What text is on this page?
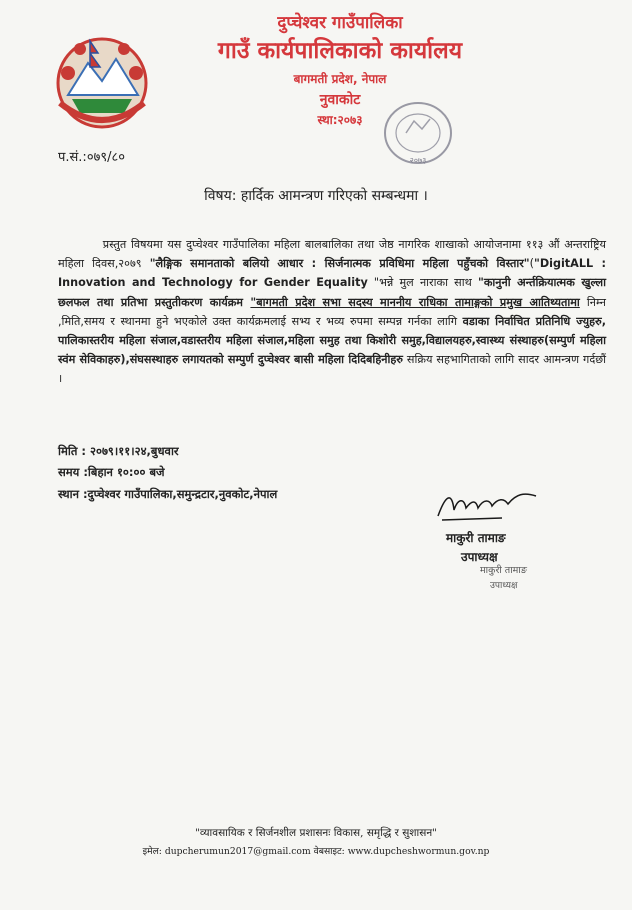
दुप्चेश्वर गाउँपालिका
गाउँ कार्यपालिकाको कार्यालय
बागमती प्रदेश, नेपाल
नुवाकोट
स्था:२०७३
२०७३
प.सं.:०७९/८०
विषय: हार्दिक आमन्त्रण गरिएको सम्बन्धमा ।
    प्रस्तुत विषयमा यस दुप्चेश्वर गाउँपालिका महिला बालबालिका तथा जेष्ठ नागरिक शाखाको आयोजनामा ११३ औं अन्तराष्ट्रिय महिला दिवस,२०७९ "लैङ्गिक समानताको बलियो आधार : सिर्जनात्मक प्रविधिमा महिला पहुँचको विस्तार"("DigitALL : Innovation and Technology for Gender Equality "भन्ने मुल नाराका साथ "कानुनी अर्न्तक्रियात्मक खुल्ला छलफल तथा प्रतिभा प्रस्तुतीकरण कार्यक्रम "बागमती प्रदेश सभा सदस्य माननीय राधिका तामाङ्गको प्रमुख आतिथ्यतामा निम्न ,मिति,समय र स्थानमा हुने भएकोले उक्त कार्यक्रमलाई सभ्य र भव्य रुपमा सम्पन्न गर्नका लागि वडाका निर्वाचित प्रतिनिधि ज्युहरु, पालिकास्तरीय महिला संजाल,वडास्तरीय महिला संजाल,महिला समुह तथा किशोरी समुह,विद्यालयहरु,स्वास्थ्य संस्थाहरु(सम्पुर्ण महिला स्वंम सेविकाहरु),संघसस्थाहरु लगायतको सम्पुर्ण दुप्चेश्वर बासी महिला दिदिबहिनीहरु सक्रिय सहभागिताको लागि सादर आमन्त्रण गर्दछौं ।
मिति : २०७९।११।२४,बुधवार
समय :बिहान १०:०० बजे
स्थान :दुप्चेश्वर गाउँपालिका,समुन्द्रटार,नुवकोट,नेपाल
माकुरी तामाङ
उपाध्यक्ष
माकुरी तामाङ
उपाध्यक्ष
"व्यावसायिक र सिर्जनशील प्रशासनः विकास, समृद्धि र सुशासन"
इमेल: dupcherumun2017@gmail.com वेबसाइट: www.dupcheshwormun.gov.np
